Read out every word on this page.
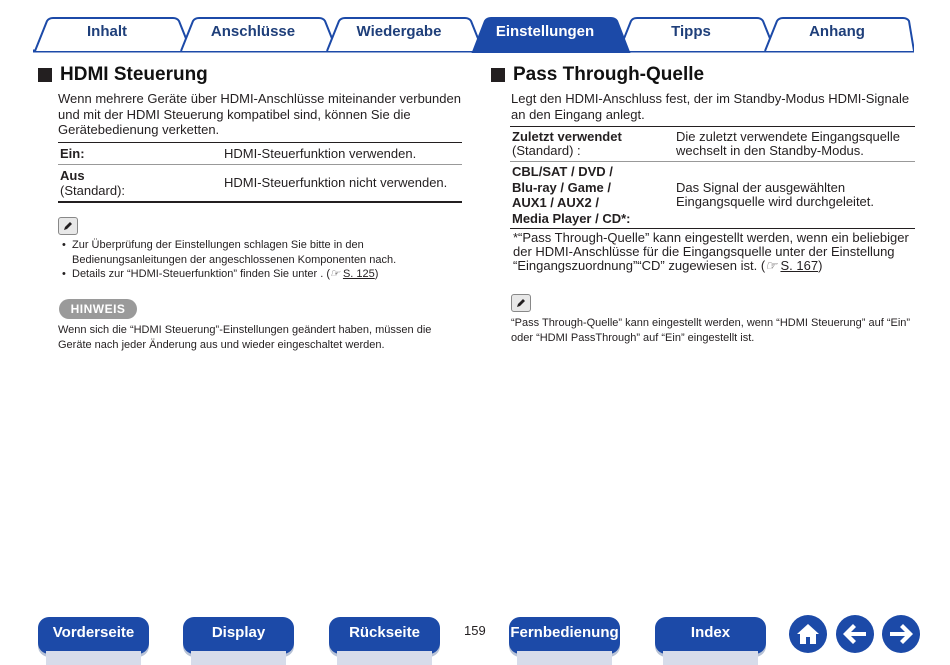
Inhalt	Anschlüsse	Wiedergabe	Einstellungen	Tipps	Anhang
HDMI Steuerung
Wenn mehrere Geräte über HDMI-Anschlüsse miteinander verbunden und mit der HDMI Steuerung kompatibel sind, können Sie die Gerätebedienung verketten.
Ein:	HDMI-Steuerfunktion verwenden.

Aus
(Standard):	HDMI-Steuerfunktion nicht verwenden.
• Zur Überprüfung der Einstellungen schlagen Sie bitte in den Bedienungsanleitungen der angeschlossenen Komponenten nach.
• Details zur “HDMI-Steuerfunktion” finden Sie unter . (☞ S. 125)
HINWEIS
Wenn sich die “HDMI Steuerung”-Einstellungen geändert haben, müssen die Geräte nach jeder Änderung aus und wieder eingeschaltet werden.
Pass Through-Quelle
Legt den HDMI-Anschluss fest, der im Standby-Modus HDMI-Signale an den Eingang anlegt.
Zuletzt verwendet
(Standard) :	Die zuletzt verwendete Eingangsquelle wechselt in den Standby-Modus.

CBL/SAT / DVD /
Blu-ray / Game /
AUX1 / AUX2 /
Media Player / CD*:	Das Signal der ausgewählten Eingangsquelle wird durchgeleitet.
*“Pass Through-Quelle” kann eingestellt werden, wenn ein beliebiger der HDMI-Anschlüsse für die Eingangsquelle unter der Einstellung “Eingangszuordnung”“CD” zugewiesen ist. (☞ S. 167)
“Pass Through-Quelle” kann eingestellt werden, wenn “HDMI Steuerung” auf “Ein” oder “HDMI PassThrough” auf “Ein” eingestellt ist.
Vorderseite	Display	Rückseite	159 Fernbedienung	Index
